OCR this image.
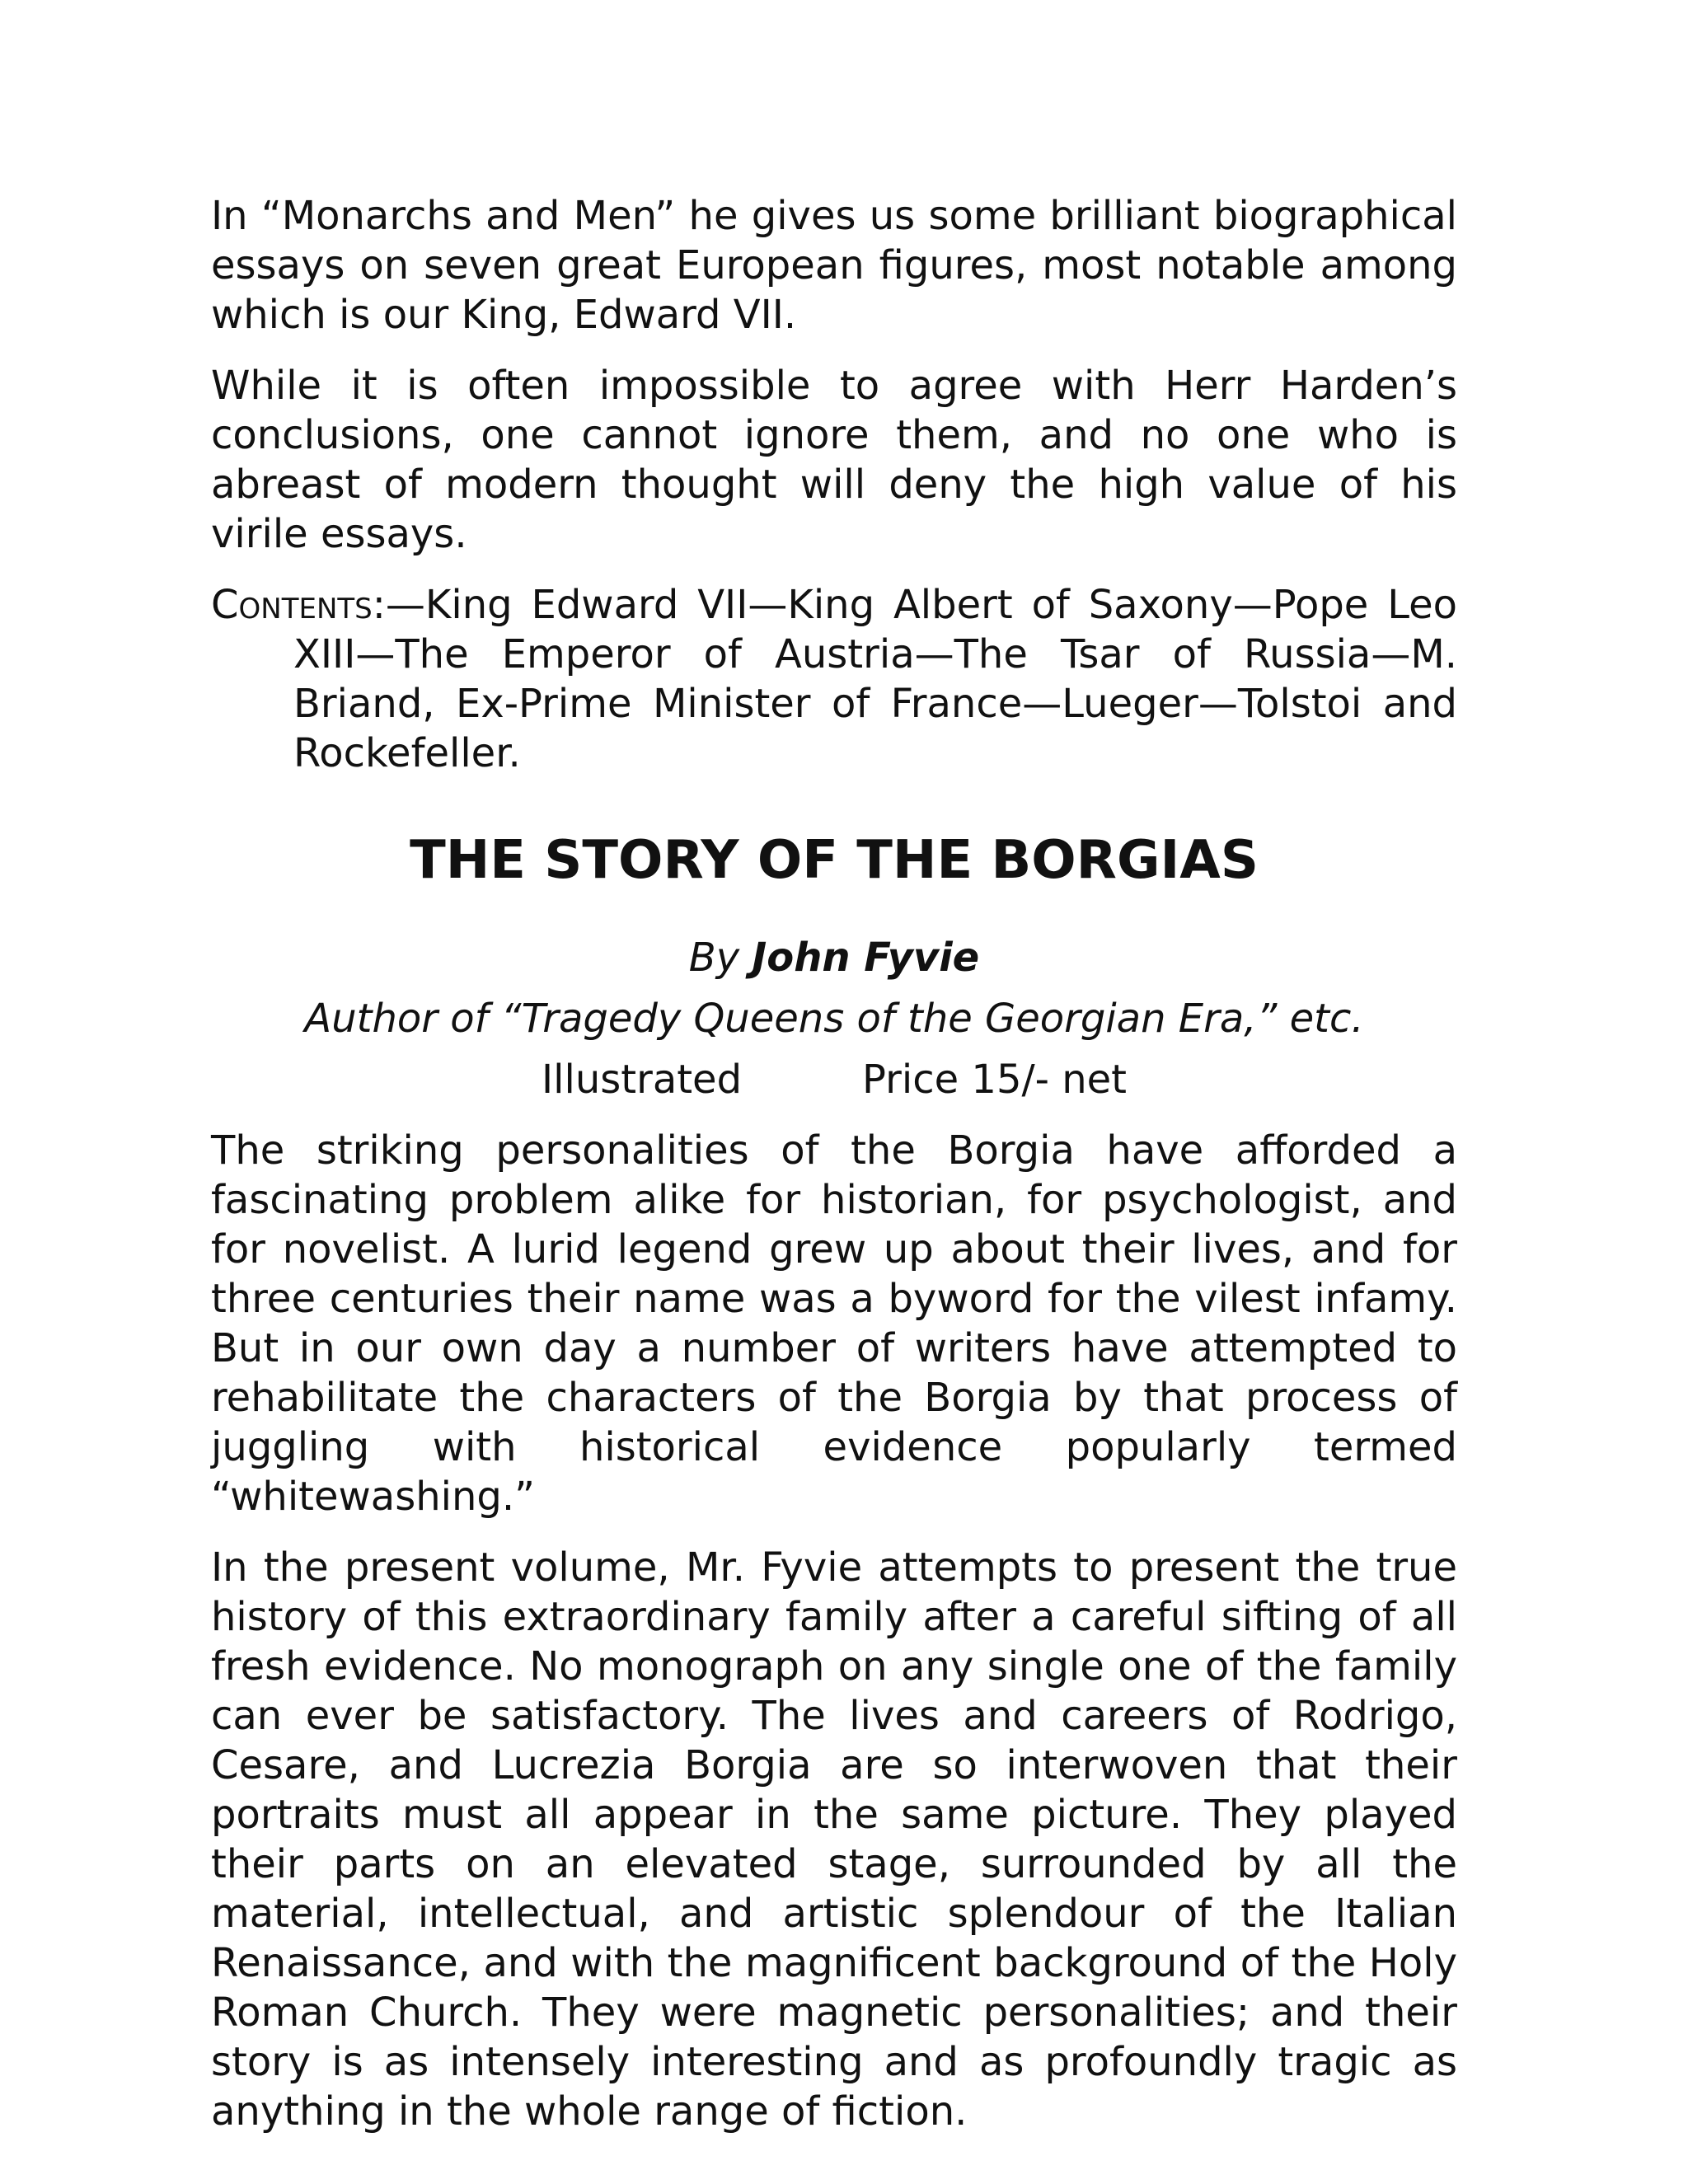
In “Monarchs and Men” he gives us some brilliant biographical essays on seven great European figures, most notable among which is our King, Edward VII.

While it is often impossible to agree with Herr Harden’s conclusions, one cannot ignore them, and no one who is abreast of modern thought will deny the high value of his virile essays.

Contents:—King Edward VII—King Albert of Saxony—Pope Leo XIII—The Emperor of Austria—The Tsar of Russia—M. Briand, Ex-Prime Minister of France—Lueger—Tolstoi and Rockefeller.

THE STORY OF THE BORGIAS
By John Fyvie
Author of “Tragedy Queens of the Georgian Era,” etc.
Illustrated	Price 15/- net

The striking personalities of the Borgia have afforded a fascinating problem alike for historian, for psychologist, and for novelist. A lurid legend grew up about their lives, and for three centuries their name was a byword for the vilest infamy. But in our own day a number of writers have attempted to rehabilitate the characters of the Borgia by that process of juggling with historical evidence popularly termed “whitewashing.”

In the present volume, Mr. Fyvie attempts to present the true history of this extraordinary family after a careful sifting of all fresh evidence. No monograph on any single one of the family can ever be satisfactory. The lives and careers of Rodrigo, Cesare, and Lucrezia Borgia are so interwoven that their portraits must all appear in the same picture. They played their parts on an elevated stage, surrounded by all the material, intellectual, and artistic splendour of the Italian Renaissance, and with the magnificent background of the Holy Roman Church. They were magnetic personalities; and their story is as intensely interesting and as profoundly tragic as anything in the whole range of fiction.
